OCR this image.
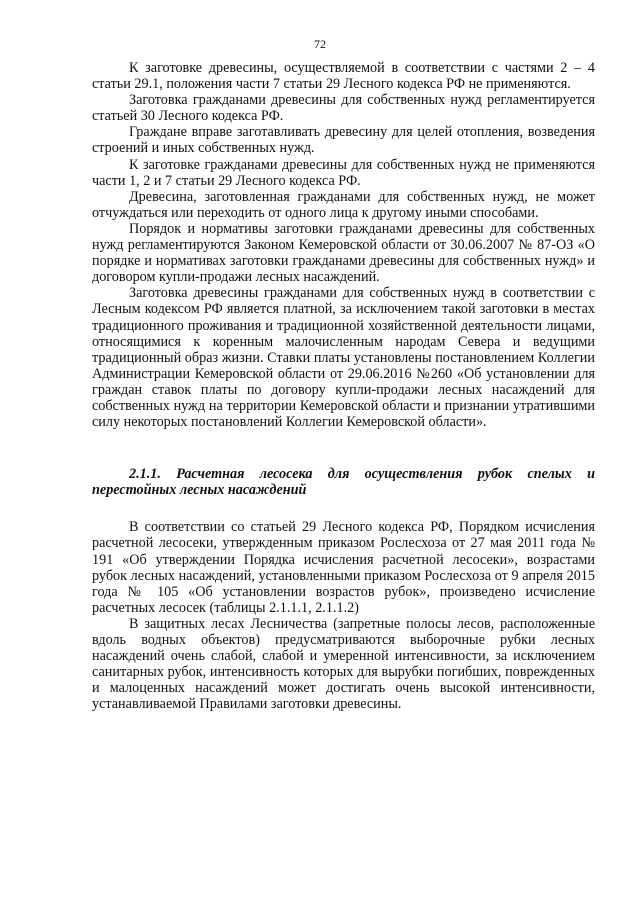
72

К заготовке древесины, осуществляемой в соответствии с частями 2 – 4 статьи 29.1, положения части 7 статьи 29 Лесного кодекса РФ не применяются.

Заготовка гражданами древесины для собственных нужд регламентируется статьей 30 Лесного кодекса РФ.

Граждане вправе заготавливать древесину для целей отопления, возведения строений и иных собственных нужд.

К заготовке гражданами древесины для собственных нужд не применяются части 1, 2 и 7 статьи 29 Лесного кодекса РФ.

Древесина, заготовленная гражданами для собственных нужд, не может отчуждаться или переходить от одного лица к другому иными способами.

Порядок и нормативы заготовки гражданами древесины для собственных нужд регламентируются Законом Кемеровской области от 30.06.2007 № 87-ОЗ «О порядке и нормативах заготовки гражданами древесины для собственных нужд» и договором купли-продажи лесных насаждений.

Заготовка древесины гражданами для собственных нужд в соответствии с Лесным кодексом РФ является платной, за исключением такой заготовки в местах традиционного проживания и традиционной хозяйственной деятельности лицами, относящимися к коренным малочисленным народам Севера и ведущими традиционный образ жизни. Ставки платы установлены постановлением Коллегии Администрации Кемеровской области от 29.06.2016 №260 «Об установлении для граждан ставок платы по договору купли-продажи лесных насаждений для собственных нужд на территории Кемеровской области и признании утратившими силу некоторых постановлений Коллегии Кемеровской области».

2.1.1. Расчетная лесосека для осуществления рубок спелых и перестойных лесных насаждений

В соответствии со статьей 29 Лесного кодекса РФ, Порядком исчисления расчетной лесосеки, утвержденным приказом Рослесхоза от 27 мая 2011 года № 191 «Об утверждении Порядка исчисления расчетной лесосеки», возрастами рубок лесных насаждений, установленными приказом Рослесхоза от 9 апреля 2015 года № 105 «Об установлении возрастов рубок», произведено исчисление расчетных лесосек (таблицы 2.1.1.1, 2.1.1.2)

В защитных лесах Лесничества (запретные полосы лесов, расположенные вдоль водных объектов) предусматриваются выборочные рубки лесных насаждений очень слабой, слабой и умеренной интенсивности, за исключением санитарных рубок, интенсивность которых для вырубки погибших, поврежденных и малоценных насаждений может достигать очень высокой интенсивности, устанавливаемой Правилами заготовки древесины.
